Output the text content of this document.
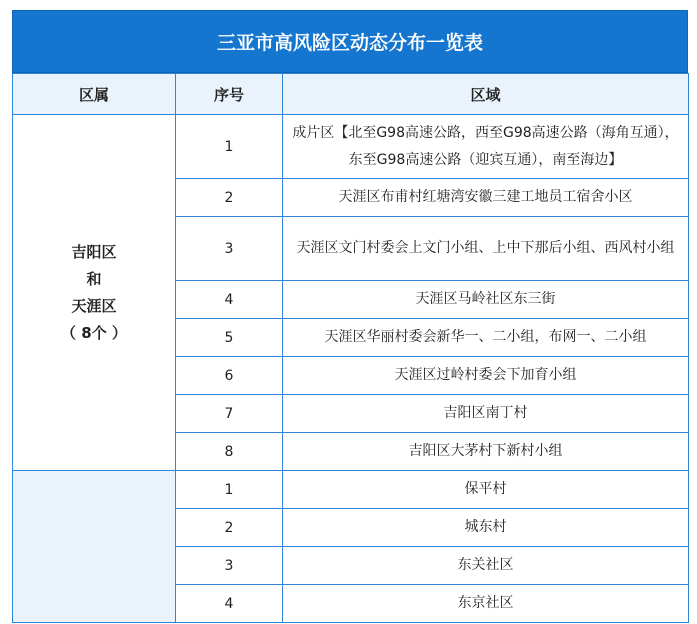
三亚市高风险区动态分布一览表
区属	序号	区域

吉阳区
和
天涯区
（ 8个 ）	1	成片区【北至G98高速公路，西至G98高速公路（海角互通），东至G98高速公路（迎宾互通），南至海边】
	2	天涯区布甫村红塘湾安徽三建工地员工宿舍小区
	3	天涯区文门村委会上文门小组、上中下那后小组、西风村小组
	4	天涯区马岭社区东三街
	5	天涯区华丽村委会新华一、二小组，布网一、二小组
	6	天涯区过岭村委会下加育小组
	7	吉阳区南丁村
	8	吉阳区大茅村下新村小组
	1	保平村
	2	城东村
	3	东关社区
	4	东京社区
